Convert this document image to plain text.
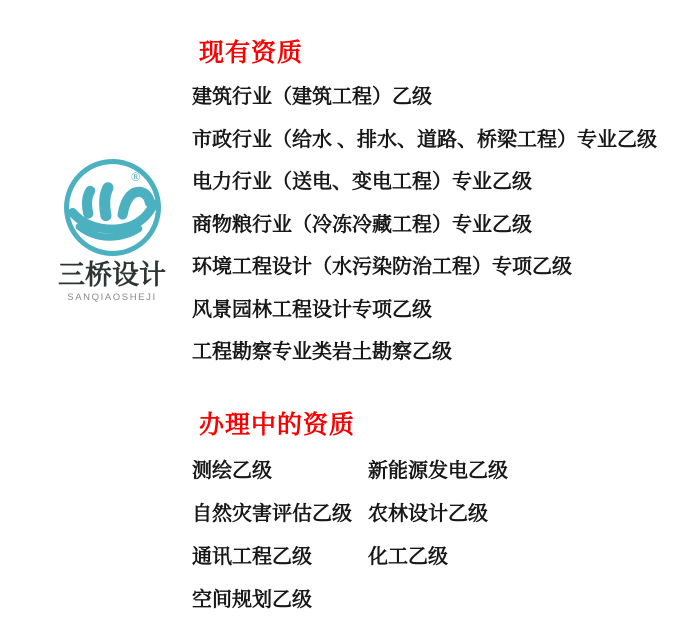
®
三桥设计
SANQIAOSHEJI
现有资质
建筑行业（建筑工程）乙级
市政行业（给水 、排水、道路、桥梁工程）专业乙级
电力行业（送电、变电工程）专业乙级
商物粮行业（冷冻冷藏工程）专业乙级
环境工程设计（水污染防治工程）专项乙级
风景园林工程设计专项乙级
工程勘察专业类岩土勘察乙级
办理中的资质
测绘乙级	新能源发电乙级
自然灾害评估乙级 农林设计乙级
通讯工程乙级	化工乙级
空间规划乙级
